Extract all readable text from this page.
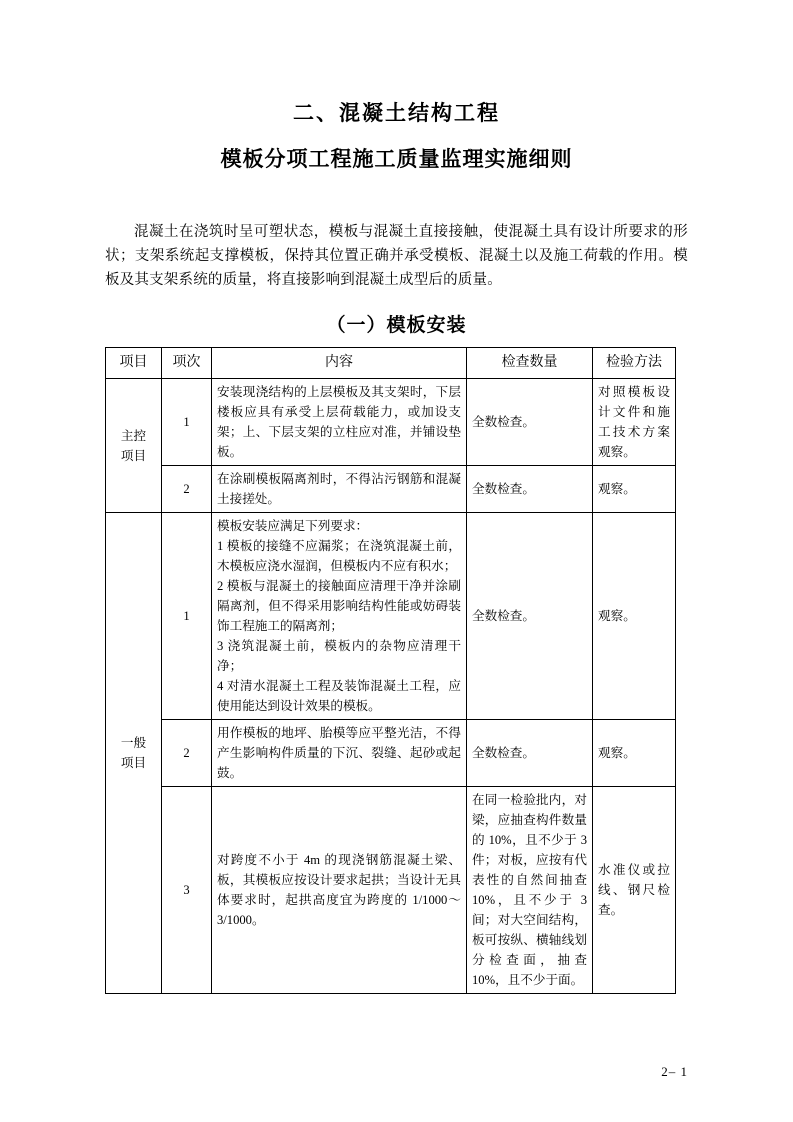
二、混凝土结构工程
模板分项工程施工质量监理实施细则

混凝土在浇筑时呈可塑状态，模板与混凝土直接接触，使混凝土具有设计所要求的形状；支架系统起支撑模板，保持其位置正确并承受模板、混凝土以及施工荷载的作用。模板及其支架系统的质量，将直接影响到混凝土成型后的质量。

（一）模板安装
项目	项次	内容	检查数量	检验方法

主控
项目	1	安装现浇结构的上层模板及其支架时，下层楼板应具有承受上层荷载能力，或加设支架；上、下层支架的立柱应对准，并铺设垫板。	全数检查。	对照模板设计文件和施工技术方案观察。
	2	在涂刷模板隔离剂时，不得沾污钢筋和混凝土接搓处。	全数检查。	观察。

一般
项目	1	模板安装应满足下列要求：
1 模板的接缝不应漏浆；在浇筑混凝土前，木模板应浇水湿润，但模板内不应有积水；
2 模板与混凝土的接触面应清理干净并涂刷隔离剂，但不得采用影响结构性能或妨碍装饰工程施工的隔离剂；
3 浇筑混凝土前，模板内的杂物应清理干净；
4 对清水混凝土工程及装饰混凝土工程，应使用能达到设计效果的模板。	全数检查。	观察。
	2	用作模板的地坪、胎模等应平整光洁，不得产生影响构件质量的下沉、裂缝、起砂或起鼓。	全数检查。	观察。
	3	对跨度不小于 4m 的现浇钢筋混凝土梁、板，其模板应按设计要求起拱；当设计无具体要求时，起拱高度宜为跨度的 1/1000～3/1000。	在同一检验批内，对梁，应抽查构件数量的 10%，且不少于 3 件；对板，应按有代表性的自然间抽查 10%，且不少于 3 间；对大空间结构，板可按纵、横轴线划分检查面，抽查 10%，且不少于面。	水准仪或拉线、钢尺检查。
2– 1
